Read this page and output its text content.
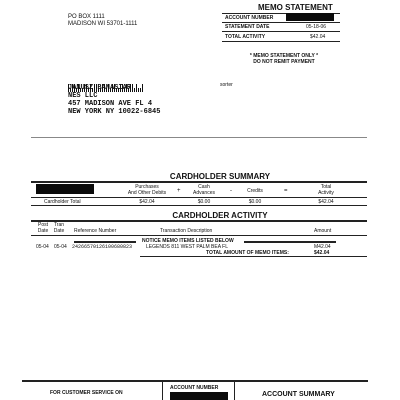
PO BOX 1111
MADISON WI 53701-1111
MEMO STATEMENT
ACCOUNT NUMBER
STATEMENT DATE	05-18-06
TOTAL ACTIVITY	$42.04
* MEMO STATEMENT ONLY *
DO NOT REMIT PAYMENT
sorter
JANUSZ BANASIAR
NES LLC
457 MADISON AVE FL 4
NEW YORK NY 10022-6845
CARDHOLDER SUMMARY
Purchases
And Other Debits	+
Cash
Advances	-	Credits	=
Total
Activity
Cardholder Total	$42.04	$0.00	$0.00	$42.04
CARDHOLDER ACTIVITY
Post
Date
Tran
Date	Reference Number	Transaction Description	Amount
NOTICE MEMO ITEMS LISTED BELOW
05-04 05-04 24266570126100680823	LEGENDS 811 WEST PALM BEA FL	M42.04
TOTAL AMOUNT OF MEMO ITEMS:	$42.04
FOR CUSTOMER SERVICE ON
ACCOUNT NUMBER
ACCOUNT SUMMARY
